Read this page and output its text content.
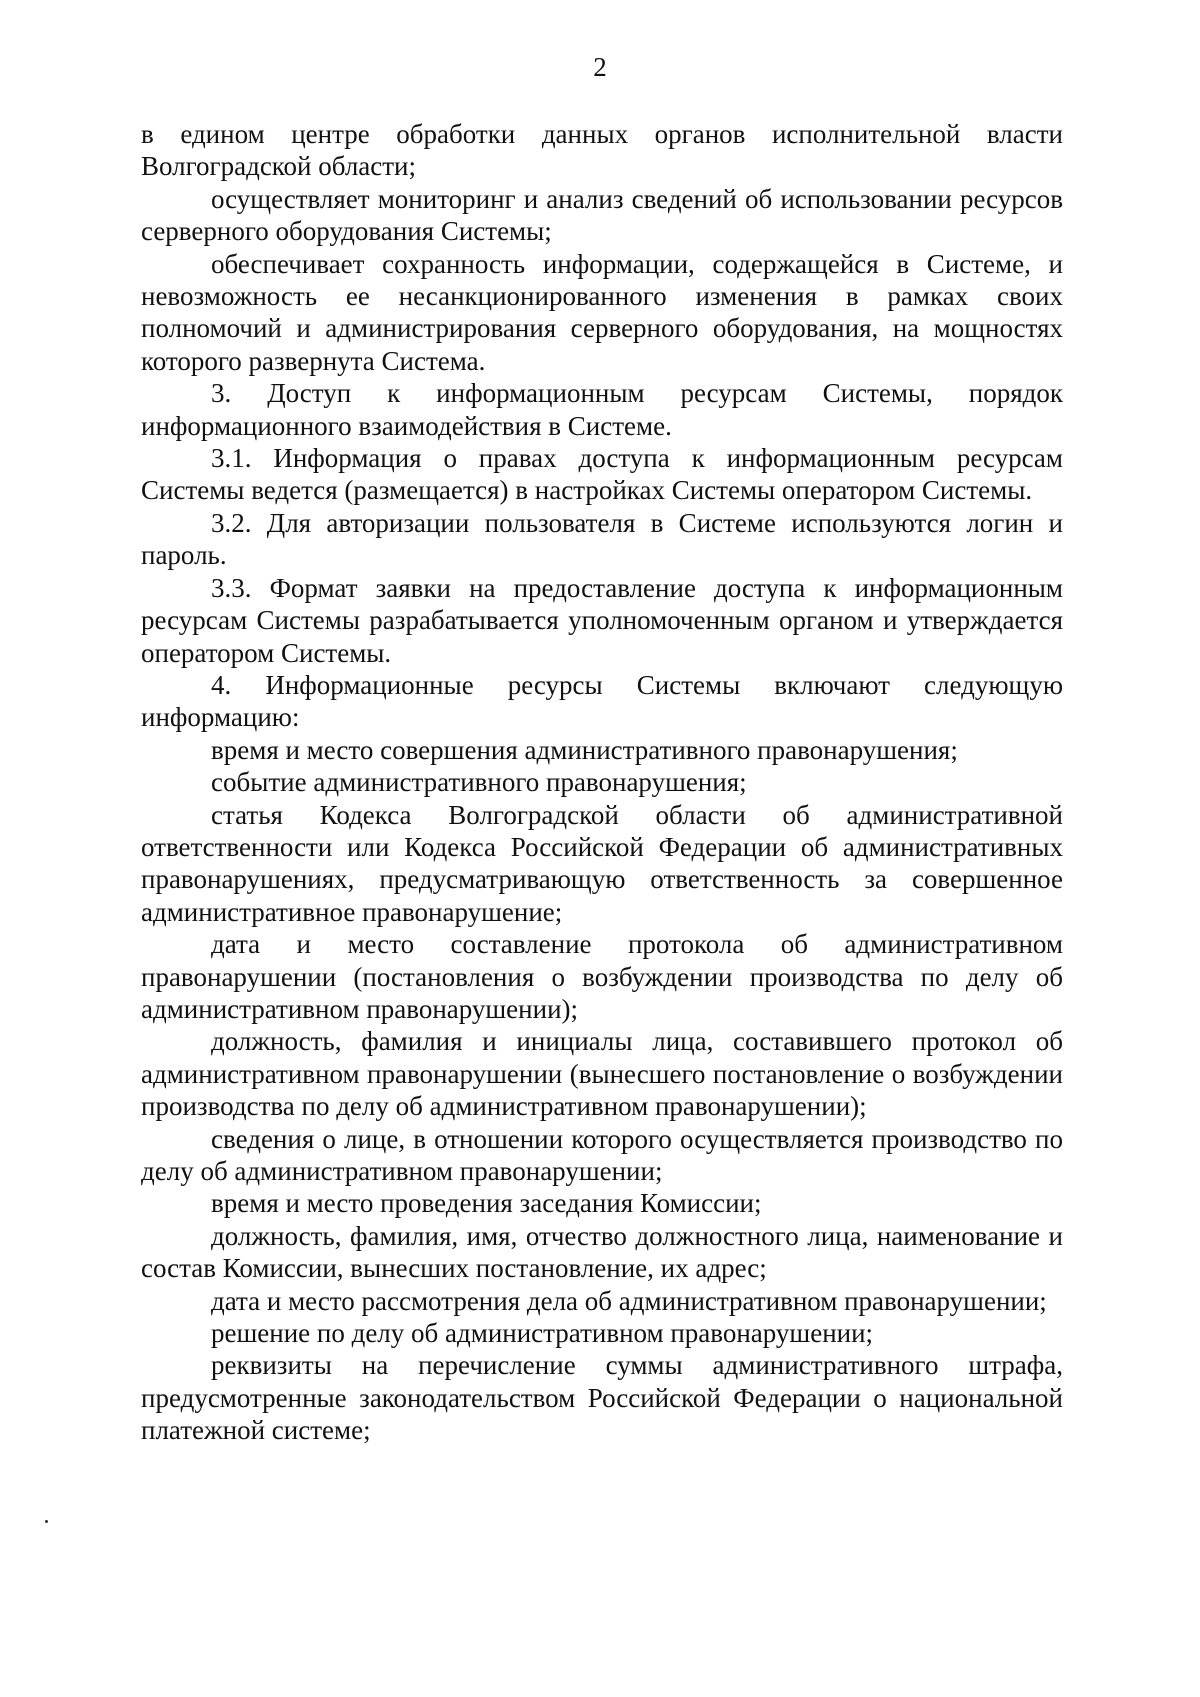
2

в едином центре обработки данных органов исполнительной власти Волгоградской области;

осуществляет мониторинг и анализ сведений об использовании ресурсов серверного оборудования Системы;

обеспечивает сохранность информации, содержащейся в Системе, и невозможность ее несанкционированного изменения в рамках своих полномочий и администрирования серверного оборудования, на мощностях которого развернута Система.

3. Доступ к информационным ресурсам Системы, порядок информационного взаимодействия в Системе.

3.1. Информация о правах доступа к информационным ресурсам Системы ведется (размещается) в настройках Системы оператором Системы.

3.2. Для авторизации пользователя в Системе используются логин и пароль.

3.3. Формат заявки на предоставление доступа к информационным ресурсам Системы разрабатывается уполномоченным органом и утверждается оператором Системы.

4. Информационные ресурсы Системы включают следующую информацию:

время и место совершения административного правонарушения;

событие административного правонарушения;

статья Кодекса Волгоградской области об административной ответственности или Кодекса Российской Федерации об административных правонарушениях, предусматривающую ответственность за совершенное административное правонарушение;

дата и место составление протокола об административном правонарушении (постановления о возбуждении производства по делу об административном правонарушении);

должность, фамилия и инициалы лица, составившего протокол об административном правонарушении (вынесшего постановление о возбуждении производства по делу об административном правонарушении);

сведения о лице, в отношении которого осуществляется производство по делу об административном правонарушении;

время и место проведения заседания Комиссии;

должность, фамилия, имя, отчество должностного лица, наименование и состав Комиссии, вынесших постановление, их адрес;

дата и место рассмотрения дела об административном правонарушении;

решение по делу об административном правонарушении;

реквизиты на перечисление суммы административного штрафа, предусмотренные законодательством Российской Федерации о национальной платежной системе;
